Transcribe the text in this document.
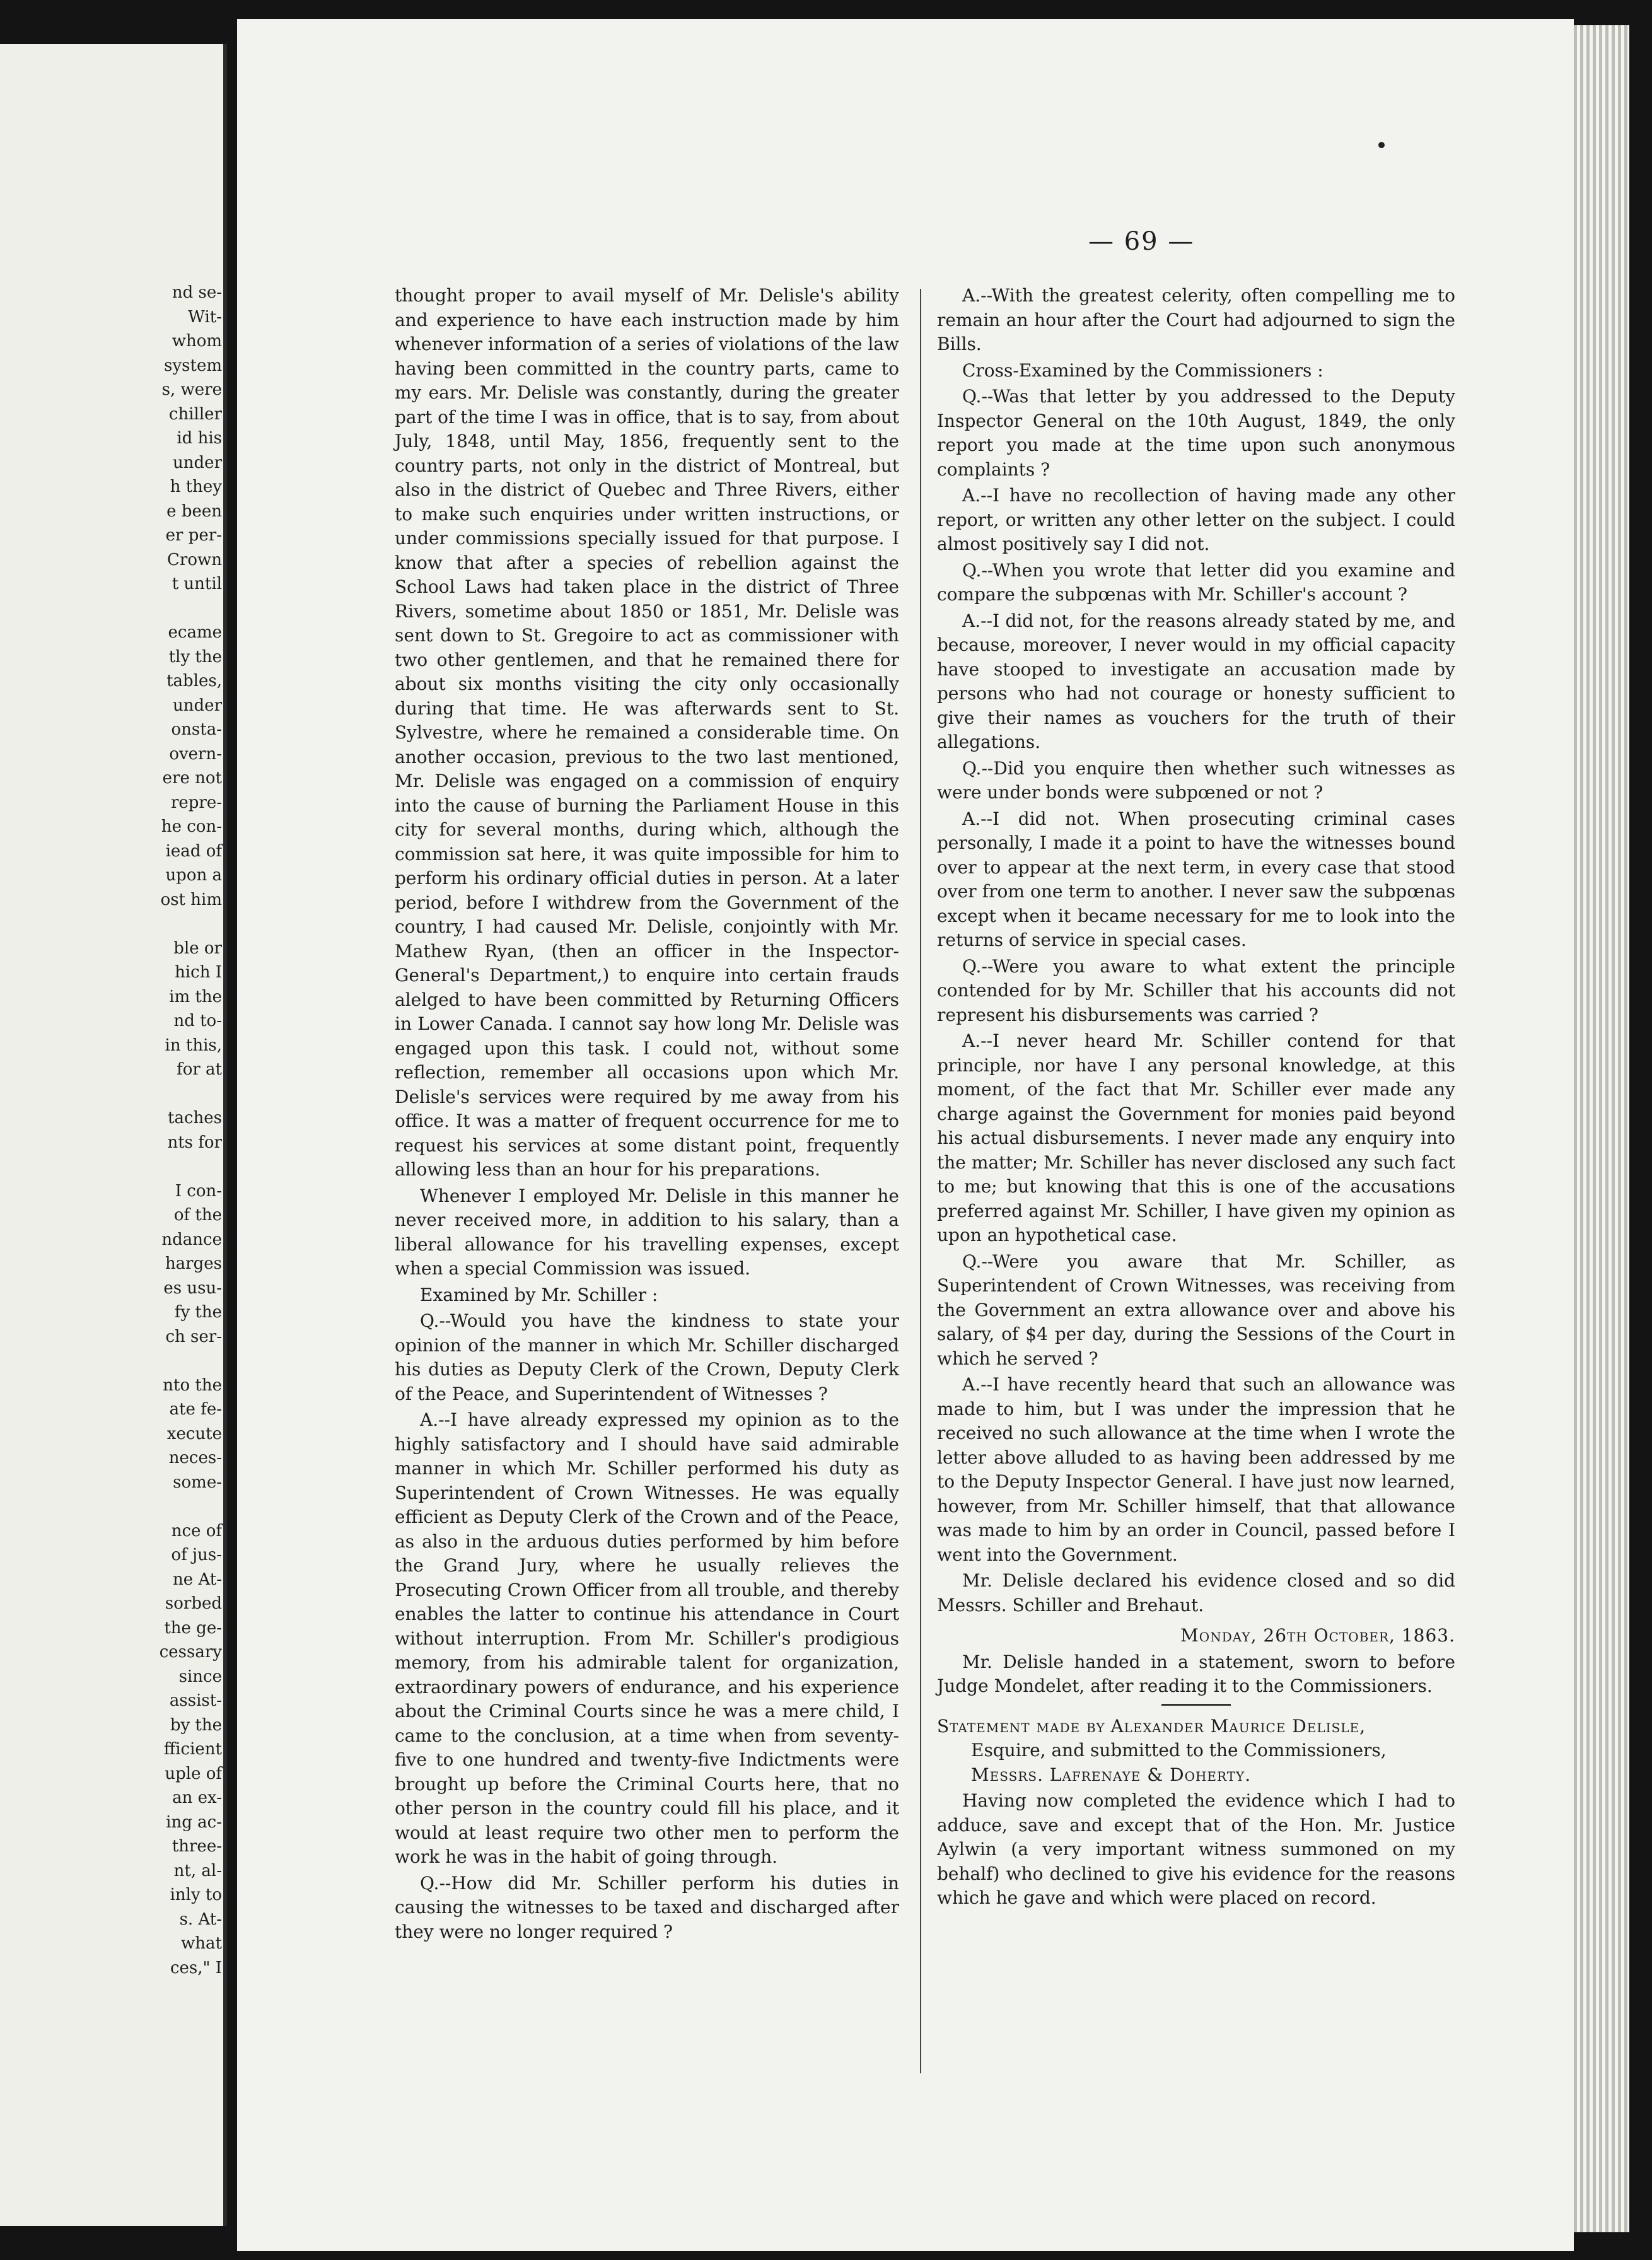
nd se-
Wit-
whom
system
s, were
chiller
id his
under
h they
e been
er per-
Crown
t until

ecame
tly the
tables,
under
onsta-
overn-
ere not
repre-
he con-
iead of
upon a
ost him

ble or
hich I
im the
nd to-
in this,
for at

taches
nts for

I con-
of the
ndance
harges
es usu-
fy the
ch ser-

nto the
ate fe-
xecute
neces-
some-

nce of
of jus-
ne At-
sorbed
the ge-
cessary
since
assist-
by the
fficient
uple of
an ex-
ing ac-
three-
nt, al-
inly to
s. At-
what
ces," I
— 69 —

thought proper to avail myself of Mr. Delisle's ability and experience to have each instruction made by him whenever information of a series of violations of the law having been committed in the country parts, came to my ears. Mr. Delisle was constantly, during the greater part of the time I was in office, that is to say, from about July, 1848, until May, 1856, frequently sent to the country parts, not only in the district of Montreal, but also in the district of Quebec and Three Rivers, either to make such enquiries under written instructions, or under commissions specially issued for that purpose. I know that after a species of rebellion against the School Laws had taken place in the district of Three Rivers, sometime about 1850 or 1851, Mr. Delisle was sent down to St. Gregoire to act as commissioner with two other gentlemen, and that he remained there for about six months visiting the city only occasionally during that time. He was afterwards sent to St. Sylvestre, where he remained a considerable time. On another occasion, previous to the two last mentioned, Mr. Delisle was engaged on a commission of enquiry into the cause of burning the Parliament House in this city for several months, during which, although the commission sat here, it was quite impossible for him to perform his ordinary official duties in person. At a later period, before I withdrew from the Government of the country, I had caused Mr. Delisle, conjointly with Mr. Mathew Ryan, (then an officer in the Inspector-General's Department,) to enquire into certain frauds alelged to have been committed by Returning Officers in Lower Canada. I cannot say how long Mr. Delisle was engaged upon this task. I could not, without some reflection, remember all occasions upon which Mr. Delisle's services were required by me away from his office. It was a matter of frequent occurrence for me to request his services at some distant point, frequently allowing less than an hour for his preparations.

Whenever I employed Mr. Delisle in this manner he never received more, in addition to his salary, than a liberal allowance for his travelling expenses, except when a special Commission was issued.

Examined by Mr. Schiller :

Q.--Would you have the kindness to state your opinion of the manner in which Mr. Schiller discharged his duties as Deputy Clerk of the Crown, Deputy Clerk of the Peace, and Superintendent of Witnesses ?

A.--I have already expressed my opinion as to the highly satisfactory and I should have said admirable manner in which Mr. Schiller performed his duty as Superintendent of Crown Witnesses. He was equally efficient as Deputy Clerk of the Crown and of the Peace, as also in the arduous duties performed by him before the Grand Jury, where he usually relieves the Prosecuting Crown Officer from all trouble, and thereby enables the latter to continue his attendance in Court without interruption. From Mr. Schiller's prodigious memory, from his admirable talent for organization, extraordinary powers of endurance, and his experience about the Criminal Courts since he was a mere child, I came to the conclusion, at a time when from seventy-five to one hundred and twenty-five Indictments were brought up before the Criminal Courts here, that no other person in the country could fill his place, and it would at least require two other men to perform the work he was in the habit of going through.

Q.--How did Mr. Schiller perform his duties in causing the witnesses to be taxed and discharged after they were no longer required ?

A.--With the greatest celerity, often compelling me to remain an hour after the Court had adjourned to sign the Bills.

Cross-Examined by the Commissioners :

Q.--Was that letter by you addressed to the Deputy Inspector General on the 10th August, 1849, the only report you made at the time upon such anonymous complaints ?

A.--I have no recollection of having made any other report, or written any other letter on the subject. I could almost positively say I did not.

Q.--When you wrote that letter did you examine and compare the subpœnas with Mr. Schiller's account ?

A.--I did not, for the reasons already stated by me, and because, moreover, I never would in my official capacity have stooped to investigate an accusation made by persons who had not courage or honesty sufficient to give their names as vouchers for the truth of their allegations.

Q.--Did you enquire then whether such witnesses as were under bonds were subpœned or not ?

A.--I did not. When prosecuting criminal cases personally, I made it a point to have the witnesses bound over to appear at the next term, in every case that stood over from one term to another. I never saw the subpœnas except when it became necessary for me to look into the returns of service in special cases.

Q.--Were you aware to what extent the principle contended for by Mr. Schiller that his accounts did not represent his disbursements was carried ?

A.--I never heard Mr. Schiller contend for that principle, nor have I any personal knowledge, at this moment, of the fact that Mr. Schiller ever made any charge against the Government for monies paid beyond his actual disbursements. I never made any enquiry into the matter; Mr. Schiller has never disclosed any such fact to me; but knowing that this is one of the accusations preferred against Mr. Schiller, I have given my opinion as upon an hypothetical case.

Q.--Were you aware that Mr. Schiller, as Superintendent of Crown Witnesses, was receiving from the Government an extra allowance over and above his salary, of $4 per day, during the Sessions of the Court in which he served ?

A.--I have recently heard that such an allowance was made to him, but I was under the impression that he received no such allowance at the time when I wrote the letter above alluded to as having been addressed by me to the Deputy Inspector General. I have just now learned, however, from Mr. Schiller himself, that that allowance was made to him by an order in Council, passed before I went into the Government.

Mr. Delisle declared his evidence closed and so did Messrs. Schiller and Brehaut.

Monday, 26th October, 1863.

Mr. Delisle handed in a statement, sworn to before Judge Mondelet, after reading it to the Commissioners.

Statement made by Alexander Maurice Delisle,
Esquire, and submitted to the Commissioners,
Messrs. Lafrenaye & Doherty.

Having now completed the evidence which I had to adduce, save and except that of the Hon. Mr. Justice Aylwin (a very important witness summoned on my behalf) who declined to give his evidence for the reasons which he gave and which were placed on record.
